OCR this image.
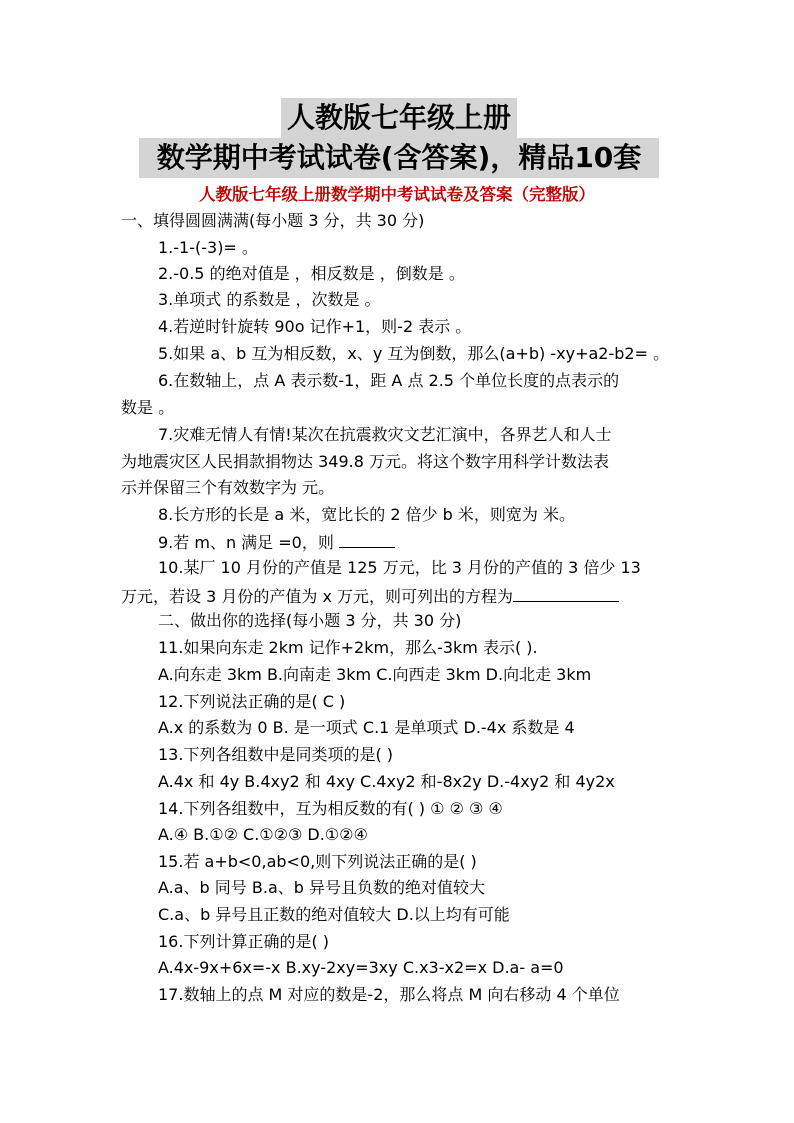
人教版七年级上册
数学期中考试试卷(含答案)，精品10套
人教版七年级上册数学期中考试试卷及答案（完整版）
一、填得圆圆满满(每小题 3 分，共 30 分)
1.-1-(-3)= 。
2.-0.5 的绝对值是 ，相反数是 ，倒数是 。
3.单项式 的系数是 ，次数是 。
4.若逆时针旋转 90o 记作+1，则-2 表示 。
5.如果 a、b 互为相反数，x、y 互为倒数，那么(a+b) -xy+a2-b2= 。
6.在数轴上，点 A 表示数-1，距 A 点 2.5 个单位长度的点表示的
数是 。
7.灾难无情人有情!某次在抗震救灾文艺汇演中，各界艺人和人士
为地震灾区人民捐款捐物达 349.8 万元。将这个数字用科学计数法表
示并保留三个有效数字为 元。
8.长方形的长是 a 米，宽比长的 2 倍少 b 米，则宽为 米。
9.若 m、n 满足 =0，则
10.某厂 10 月份的产值是 125 万元，比 3 月份的产值的 3 倍少 13
万元，若设 3 月份的产值为 x 万元，则可列出的方程为
二、做出你的选择(每小题 3 分，共 30 分)
11.如果向东走 2km 记作+2km，那么-3km 表示( ).
A.向东走 3km B.向南走 3km C.向西走 3km D.向北走 3km
12.下列说法正确的是( C )
A.x 的系数为 0 B. 是一项式 C.1 是单项式 D.-4x 系数是 4
13.下列各组数中是同类项的是( )
A.4x 和 4y B.4xy2 和 4xy C.4xy2 和-8x2y D.-4xy2 和 4y2x
14.下列各组数中，互为相反数的有( ) ① ② ③ ④
A.④ B.①② C.①②③ D.①②④
15.若 a+b<0,ab<0,则下列说法正确的是( )
A.a、b 同号 B.a、b 异号且负数的绝对值较大
C.a、b 异号且正数的绝对值较大 D.以上均有可能
16.下列计算正确的是( )
A.4x-9x+6x=-x B.xy-2xy=3xy C.x3-x2=x D.a- a=0
17.数轴上的点 M 对应的数是-2，那么将点 M 向右移动 4 个单位
